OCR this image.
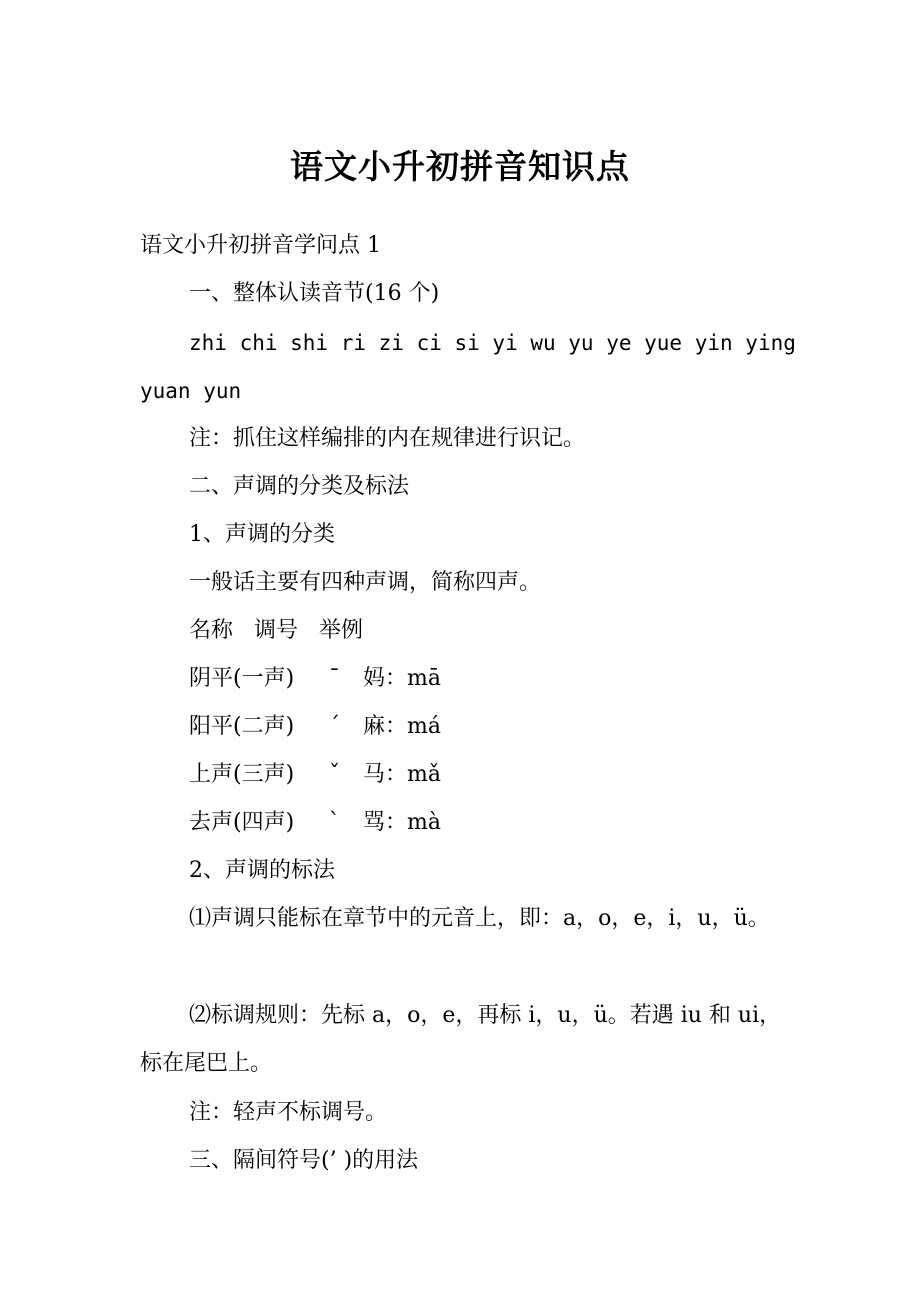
语文小升初拼音知识点
语文小升初拼音学问点 1
一、整体认读音节(16 个)
zhi chi shi ri zi ci si yi wu yu ye yue yin ying
yuan yun
注：抓住这样编排的内在规律进行识记。
二、声调的分类及标法
1、声调的分类
一般话主要有四种声调，简称四声。
名称 调号 举例
阴平(一声)	ˉ	妈：mā
阳平(二声)	ˊ	麻：má
上声(三声)	ˇ	马：mǎ
去声(四声)	ˋ	骂：mà
2、声调的标法
⑴声调只能标在章节中的元音上，即：a，o，e，i，u，ü。
⑵标调规则：先标 a，o，e，再标 i，u，ü。若遇 iu 和 ui，标在尾巴上。
注：轻声不标调号。
三、隔间符号(’ )的用法
